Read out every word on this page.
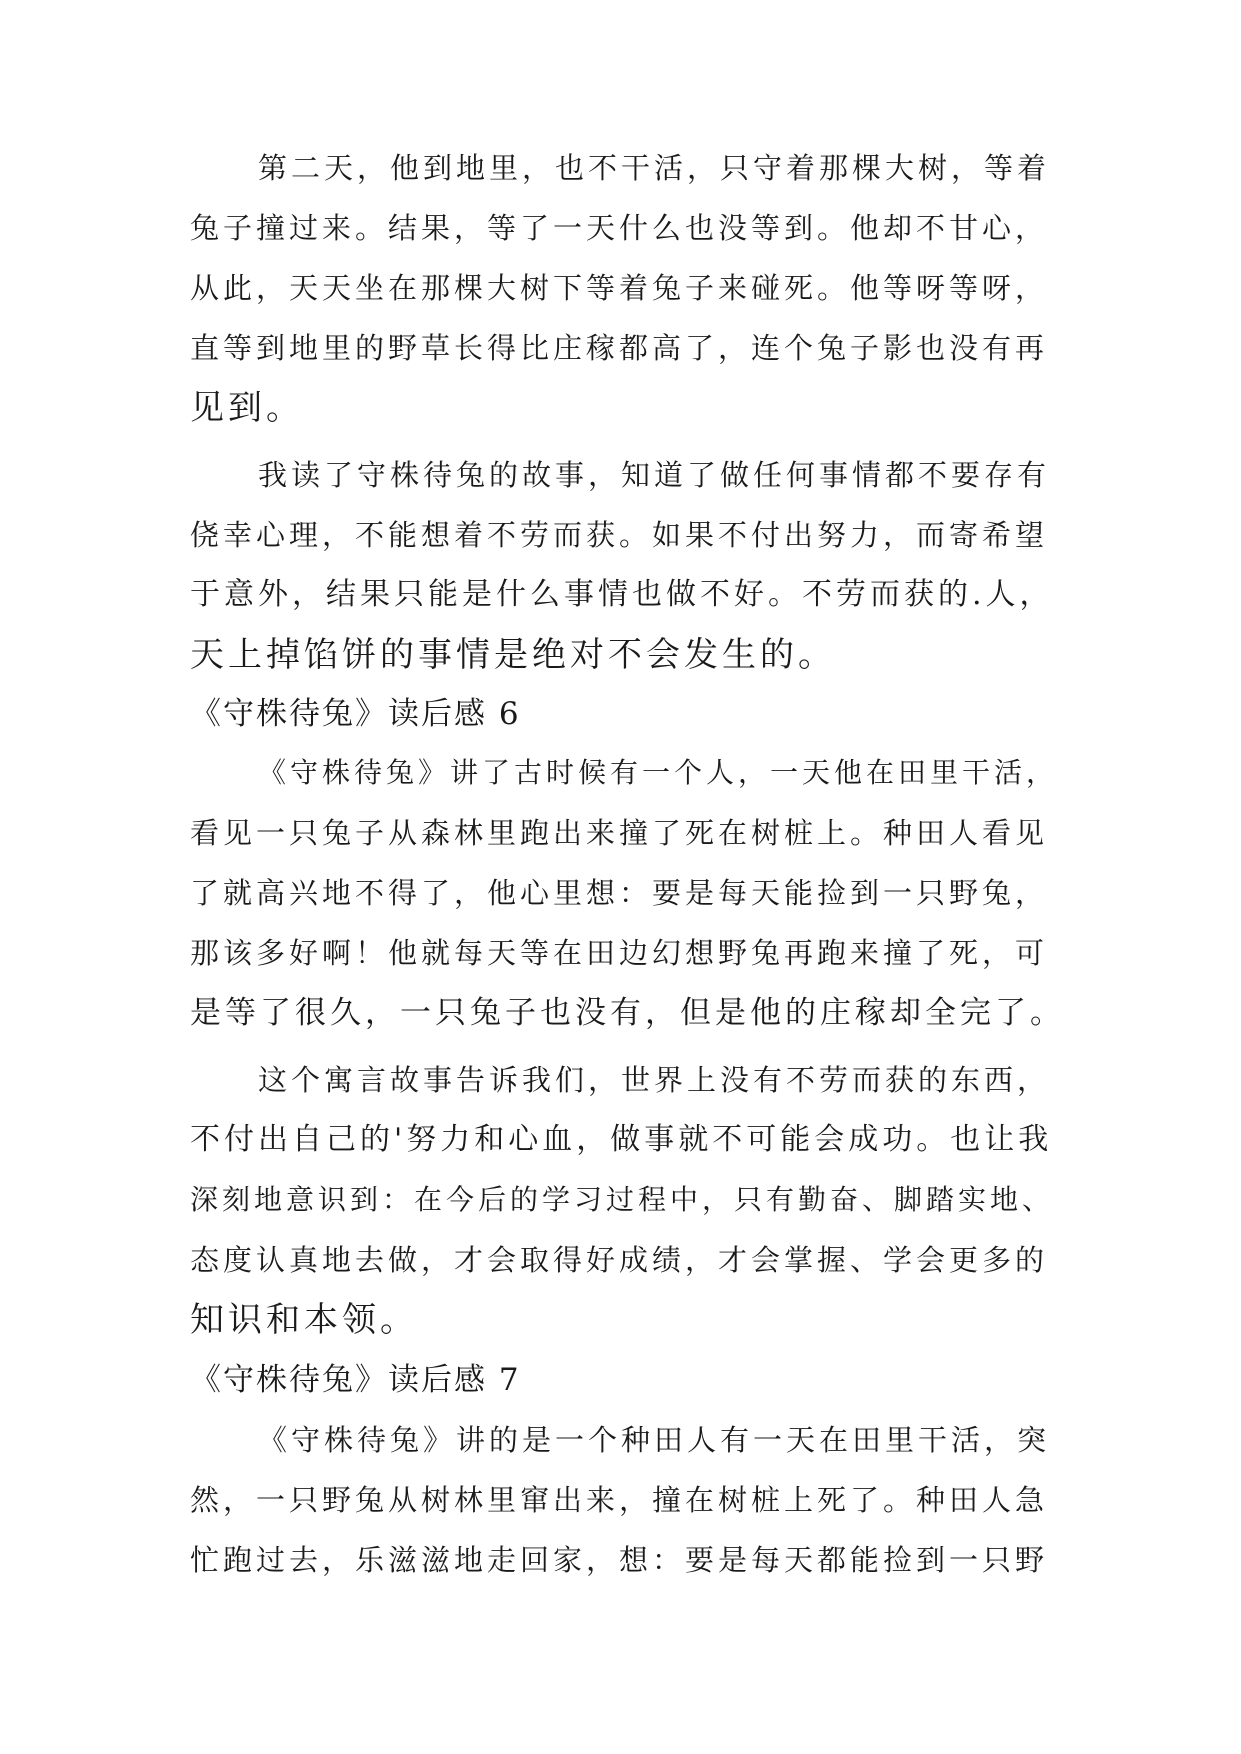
第二天，他到地里，也不干活，只守着那棵大树，等着
兔子撞过来。结果，等了一天什么也没等到。他却不甘心，
从此，天天坐在那棵大树下等着兔子来碰死。他等呀等呀，
直等到地里的野草长得比庄稼都高了，连个兔子影也没有再
见到。
我读了守株待兔的故事，知道了做任何事情都不要存有
侥幸心理，不能想着不劳而获。如果不付出努力，而寄希望
于意外，结果只能是什么事情也做不好。不劳而获的.人，
天上掉馅饼的事情是绝对不会发生的。
《守株待兔》读后感 6
《守株待兔》讲了古时候有一个人，一天他在田里干活，
看见一只兔子从森林里跑出来撞了死在树桩上。种田人看见
了就高兴地不得了，他心里想：要是每天能捡到一只野兔，
那该多好啊！他就每天等在田边幻想野兔再跑来撞了死，可
是等了很久，一只兔子也没有，但是他的庄稼却全完了。
这个寓言故事告诉我们，世界上没有不劳而获的东西，
不付出自己的'努力和心血，做事就不可能会成功。也让我
深刻地意识到：在今后的学习过程中，只有勤奋、脚踏实地、
态度认真地去做，才会取得好成绩，才会掌握、学会更多的
知识和本领。
《守株待兔》读后感 7
《守株待兔》讲的是一个种田人有一天在田里干活，突
然，一只野兔从树林里窜出来，撞在树桩上死了。种田人急
忙跑过去，乐滋滋地走回家，想：要是每天都能捡到一只野
